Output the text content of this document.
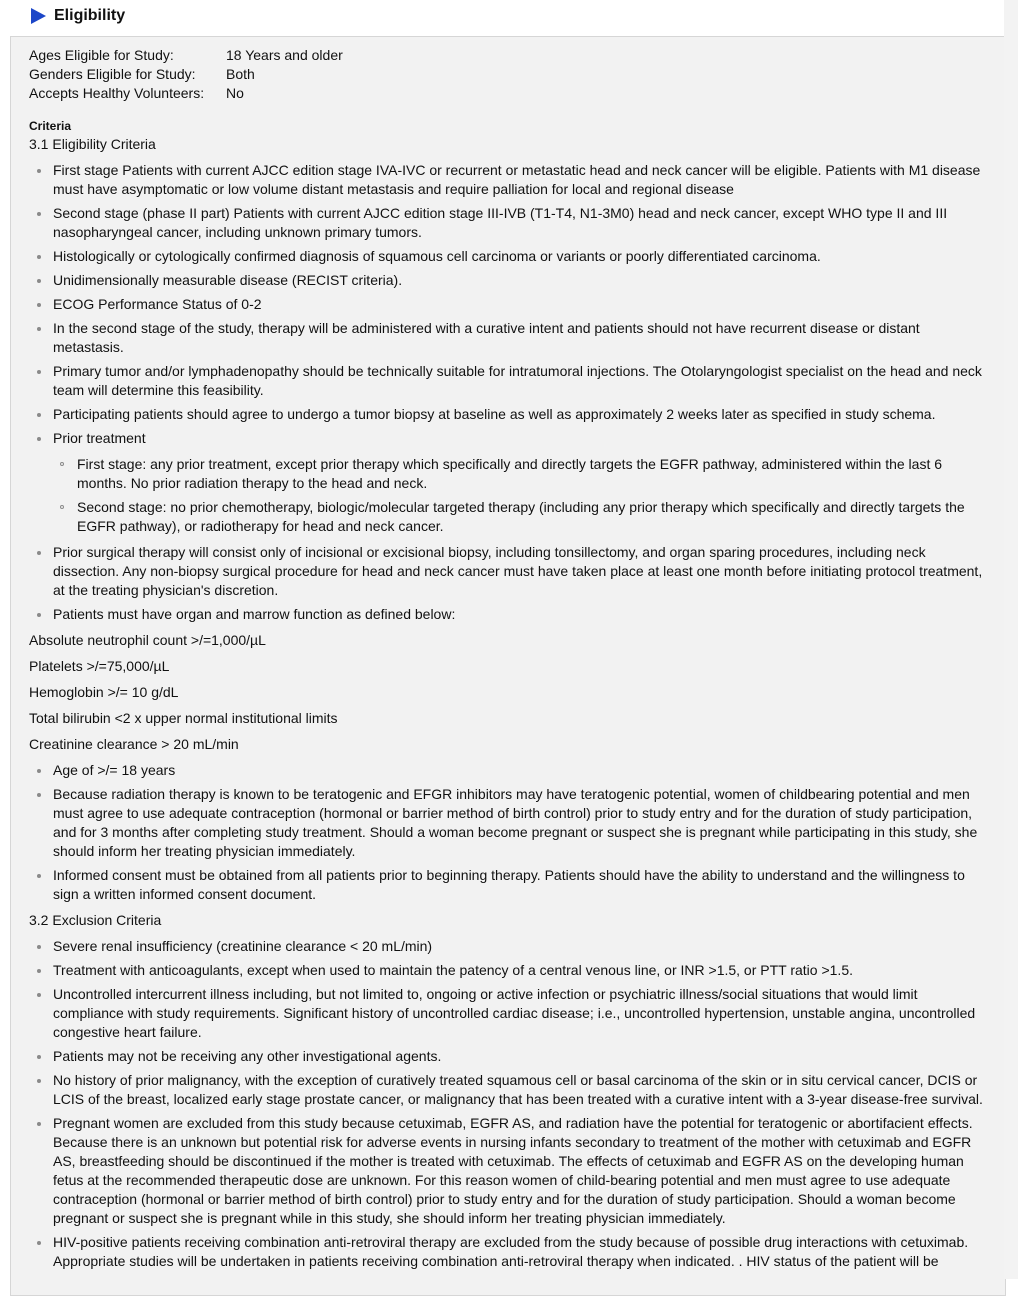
Eligibility
Ages Eligible for Study:	18 Years and older
Genders Eligible for Study:	Both
Accepts Healthy Volunteers:	No
Criteria
3.1 Eligibility Criteria
First stage Patients with current AJCC edition stage IVA-IVC or recurrent or metastatic head and neck cancer will be eligible. Patients with M1 disease must have asymptomatic or low volume distant metastasis and require palliation for local and regional disease
Second stage (phase II part) Patients with current AJCC edition stage III-IVB (T1-T4, N1-3M0) head and neck cancer, except WHO type II and III nasopharyngeal cancer, including unknown primary tumors.
Histologically or cytologically confirmed diagnosis of squamous cell carcinoma or variants or poorly differentiated carcinoma.
Unidimensionally measurable disease (RECIST criteria).
ECOG Performance Status of 0-2
In the second stage of the study, therapy will be administered with a curative intent and patients should not have recurrent disease or distant metastasis.
Primary tumor and/or lymphadenopathy should be technically suitable for intratumoral injections. The Otolaryngologist specialist on the head and neck team will determine this feasibility.
Participating patients should agree to undergo a tumor biopsy at baseline as well as approximately 2 weeks later as specified in study schema.
Prior treatment
First stage: any prior treatment, except prior therapy which specifically and directly targets the EGFR pathway, administered within the last 6 months. No prior radiation therapy to the head and neck.
Second stage: no prior chemotherapy, biologic/molecular targeted therapy (including any prior therapy which specifically and directly targets the EGFR pathway), or radiotherapy for head and neck cancer.
Prior surgical therapy will consist only of incisional or excisional biopsy, including tonsillectomy, and organ sparing procedures, including neck dissection. Any non-biopsy surgical procedure for head and neck cancer must have taken place at least one month before initiating protocol treatment, at the treating physician's discretion.
Patients must have organ and marrow function as defined below:
Absolute neutrophil count >/=1,000/µL
Platelets >/=75,000/µL
Hemoglobin >/= 10 g/dL
Total bilirubin <2 x upper normal institutional limits
Creatinine clearance > 20 mL/min
Age of >/= 18 years
Because radiation therapy is known to be teratogenic and EFGR inhibitors may have teratogenic potential, women of childbearing potential and men must agree to use adequate contraception (hormonal or barrier method of birth control) prior to study entry and for the duration of study participation, and for 3 months after completing study treatment. Should a woman become pregnant or suspect she is pregnant while participating in this study, she should inform her treating physician immediately.
Informed consent must be obtained from all patients prior to beginning therapy. Patients should have the ability to understand and the willingness to sign a written informed consent document.
3.2 Exclusion Criteria
Severe renal insufficiency (creatinine clearance < 20 mL/min)
Treatment with anticoagulants, except when used to maintain the patency of a central venous line, or INR >1.5, or PTT ratio >1.5.
Uncontrolled intercurrent illness including, but not limited to, ongoing or active infection or psychiatric illness/social situations that would limit compliance with study requirements. Significant history of uncontrolled cardiac disease; i.e., uncontrolled hypertension, unstable angina, uncontrolled congestive heart failure.
Patients may not be receiving any other investigational agents.
No history of prior malignancy, with the exception of curatively treated squamous cell or basal carcinoma of the skin or in situ cervical cancer, DCIS or LCIS of the breast, localized early stage prostate cancer, or malignancy that has been treated with a curative intent with a 3-year disease-free survival.
Pregnant women are excluded from this study because cetuximab, EGFR AS, and radiation have the potential for teratogenic or abortifacient effects. Because there is an unknown but potential risk for adverse events in nursing infants secondary to treatment of the mother with cetuximab and EGFR AS, breastfeeding should be discontinued if the mother is treated with cetuximab. The effects of cetuximab and EGFR AS on the developing human fetus at the recommended therapeutic dose are unknown. For this reason women of child-bearing potential and men must agree to use adequate contraception (hormonal or barrier method of birth control) prior to study entry and for the duration of study participation. Should a woman become pregnant or suspect she is pregnant while in this study, she should inform her treating physician immediately.
HIV-positive patients receiving combination anti-retroviral therapy are excluded from the study because of possible drug interactions with cetuximab. Appropriate studies will be undertaken in patients receiving combination anti-retroviral therapy when indicated. . HIV status of the patient will be
